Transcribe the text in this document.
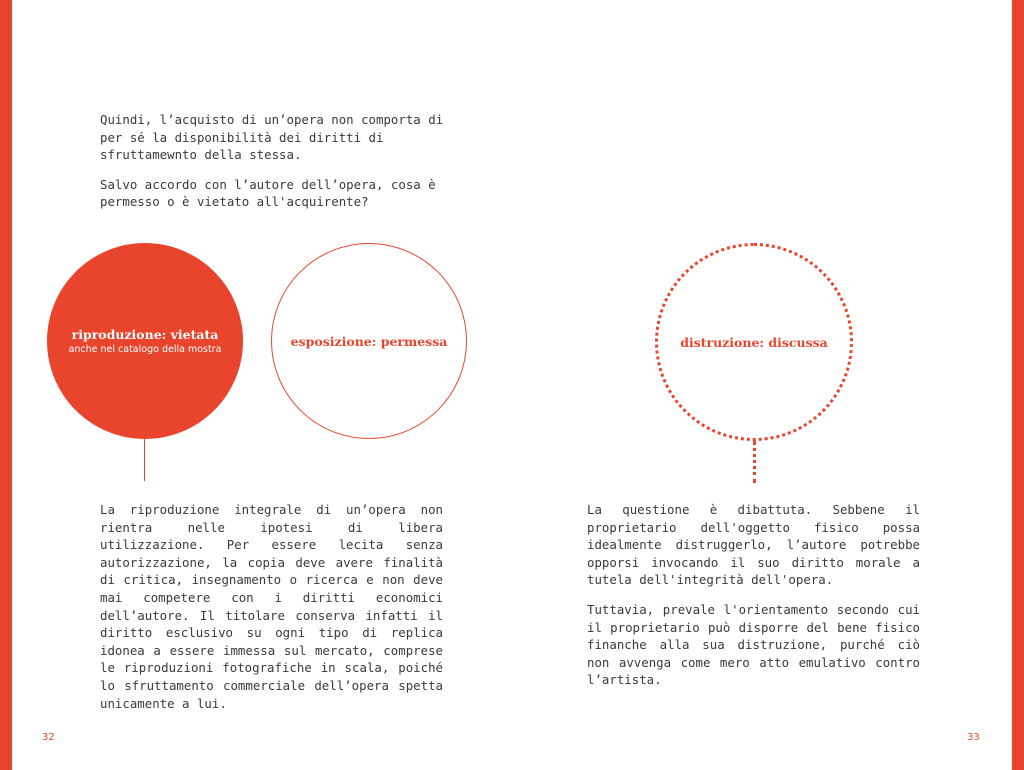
Quindi, l’acquisto di un’opera non comporta di per sé la disponibilità dei diritti di sfruttamewnto della stessa.

Salvo accordo con l’autore dell’opera, cosa è permesso o è vietato all'acquirente?

riproduzione: vietata
anche nel catalogo della mostra
esposizione: permessa	distruzione: discussa

La riproduzione integrale di un’opera non rientra nelle ipotesi di libera utilizzazione. Per essere lecita senza autorizzazione, la copia deve avere finalità di critica, insegnamento o ricerca e non deve mai competere con i diritti economici dell’autore. Il titolare conserva infatti il diritto esclusivo su ogni tipo di replica idonea a essere immessa sul mercato, comprese le riproduzioni fotografiche in scala, poiché lo sfruttamento commerciale dell’opera spetta unicamente a lui.

La questione è dibattuta. Sebbene il proprietario dell'oggetto fisico possa idealmente distruggerlo, l’autore potrebbe opporsi invocando il suo diritto morale a tutela dell'integrità dell'opera.

Tuttavia, prevale l'orientamento secondo cui il proprietario può disporre del bene fisico finanche alla sua distruzione, purché ciò non avvenga come mero atto emulativo contro l’artista.

32	33
